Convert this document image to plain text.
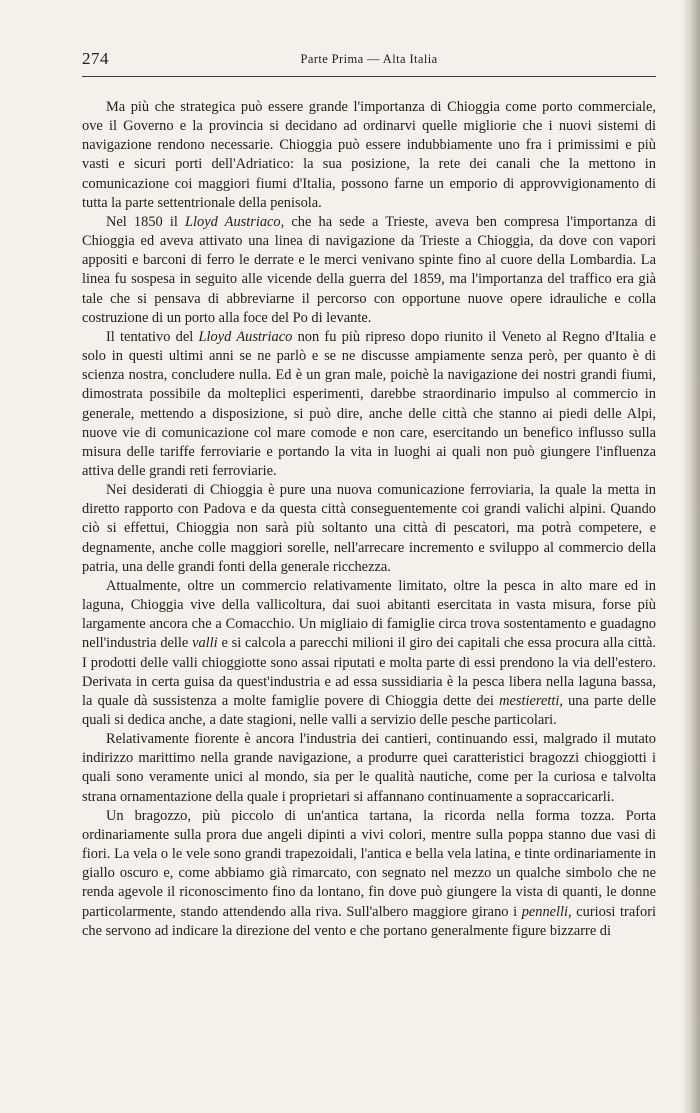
274	Parte Prima — Alta Italia

Ma più che strategica può essere grande l'importanza di Chioggia come porto commerciale, ove il Governo e la provincia si decidano ad ordinarvi quelle migliorie che i nuovi sistemi di navigazione rendono necessarie. Chioggia può essere indubbiamente uno fra i primissimi e più vasti e sicuri porti dell'Adriatico: la sua posizione, la rete dei canali che la mettono in comunicazione coi maggiori fiumi d'Italia, possono farne un emporio di approvvigionamento di tutta la parte settentrionale della penisola.

Nel 1850 il Lloyd Austriaco, che ha sede a Trieste, aveva ben compresa l'importanza di Chioggia ed aveva attivato una linea di navigazione da Trieste a Chioggia, da dove con vapori appositi e barconi di ferro le derrate e le merci venivano spinte fino al cuore della Lombardia. La linea fu sospesa in seguito alle vicende della guerra del 1859, ma l'importanza del traffico era già tale che si pensava di abbreviarne il percorso con opportune nuove opere idrauliche e colla costruzione di un porto alla foce del Po di levante.

Il tentativo del Lloyd Austriaco non fu più ripreso dopo riunito il Veneto al Regno d'Italia e solo in questi ultimi anni se ne parlò e se ne discusse ampiamente senza però, per quanto è di scienza nostra, concludere nulla. Ed è un gran male, poichè la navigazione dei nostri grandi fiumi, dimostrata possibile da molteplici esperimenti, darebbe straordinario impulso al commercio in generale, mettendo a disposizione, si può dire, anche delle città che stanno ai piedi delle Alpi, nuove vie di comunicazione col mare comode e non care, esercitando un benefico influsso sulla misura delle tariffe ferroviarie e portando la vita in luoghi ai quali non può giungere l'influenza attiva delle grandi reti ferroviarie.

Nei desiderati di Chioggia è pure una nuova comunicazione ferroviaria, la quale la metta in diretto rapporto con Padova e da questa città conseguentemente coi grandi valichi alpini. Quando ciò si effettui, Chioggia non sarà più soltanto una città di pescatori, ma potrà competere, e degnamente, anche colle maggiori sorelle, nell'arrecare incremento e sviluppo al commercio della patria, una delle grandi fonti della generale ricchezza.

Attualmente, oltre un commercio relativamente limitato, oltre la pesca in alto mare ed in laguna, Chioggia vive della vallicoltura, dai suoi abitanti esercitata in vasta misura, forse più largamente ancora che a Comacchio. Un migliaio di famiglie circa trova sostentamento e guadagno nell'industria delle valli e si calcola a parecchi milioni il giro dei capitali che essa procura alla città. I prodotti delle valli chioggiotte sono assai riputati e molta parte di essi prendono la via dell'estero. Derivata in certa guisa da quest'industria e ad essa sussidiaria è la pesca libera nella laguna bassa, la quale dà sussistenza a molte famiglie povere di Chioggia dette dei mestieretti, una parte delle quali si dedica anche, a date stagioni, nelle valli a servizio delle pesche particolari.

Relativamente fiorente è ancora l'industria dei cantieri, continuando essi, malgrado il mutato indirizzo marittimo nella grande navigazione, a produrre quei caratteristici bragozzi chioggiotti i quali sono veramente unici al mondo, sia per le qualità nautiche, come per la curiosa e talvolta strana ornamentazione della quale i proprietari si affannano continuamente a sopraccaricarli.

Un bragozzo, più piccolo di un'antica tartana, la ricorda nella forma tozza. Porta ordinariamente sulla prora due angeli dipinti a vivi colori, mentre sulla poppa stanno due vasi di fiori. La vela o le vele sono grandi trapezoidali, l'antica e bella vela latina, e tinte ordinariamente in giallo oscuro e, come abbiamo già rimarcato, con segnato nel mezzo un qualche simbolo che ne renda agevole il riconoscimento fino da lontano, fin dove può giungere la vista di quanti, le donne particolarmente, stando attendendo alla riva. Sull'albero maggiore girano i pennelli, curiosi trafori che servono ad indicare la direzione del vento e che portano generalmente figure bizzarre di
